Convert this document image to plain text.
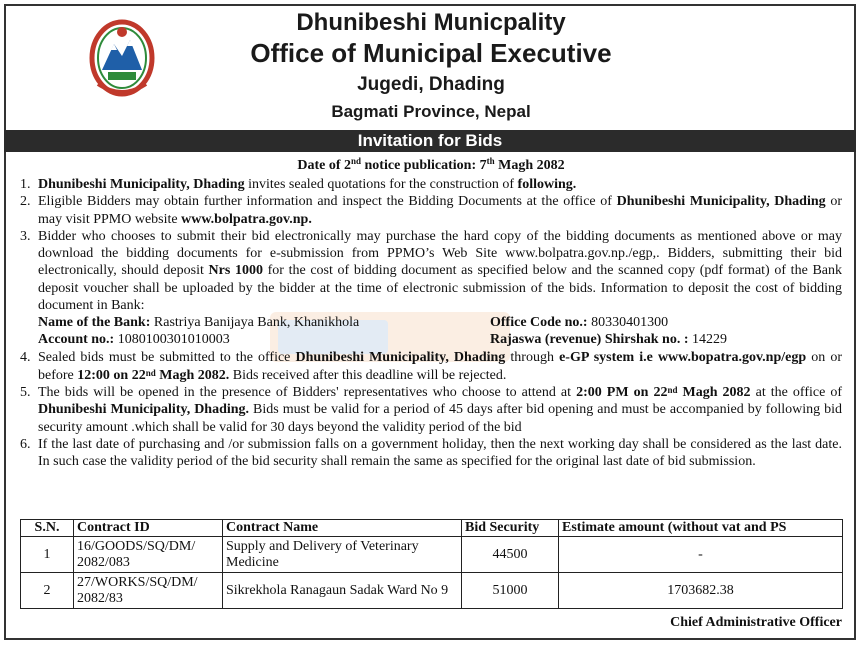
Dhunibeshi Municpality
Office of Municipal Executive
Jugedi, Dhading
Bagmati Province, Nepal
Invitation for Bids
Date of 2nd notice publication: 7th Magh 2082
1. Dhunibeshi Municipality, Dhading invites sealed quotations for the construction of following.
2. Eligible Bidders may obtain further information and inspect the Bidding Documents at the office of Dhunibeshi Municipality, Dhading or may visit PPMO website www.bolpatra.gov.np.
3. Bidder who chooses to submit their bid electronically may purchase the hard copy of the bidding documents as mentioned above or may download the bidding documents for e-submission from PPMO’s Web Site www.bolpatra.gov.np./egp,. Bidders, submitting their bid electronically, should deposit Nrs 1000 for the cost of bidding document as specified below and the scanned copy (pdf format) of the Bank deposit voucher shall be uploaded by the bidder at the time of electronic submission of the bids. Information to deposit the cost of bidding document in Bank:
Name of the Bank: Rastriya Banijaya Bank, Khanikhola	Office Code no.: 80330401300
Account no.: 1080100301010003	Rajaswa (revenue) Shirshak no. : 14229
4. Sealed bids must be submitted to the office Dhunibeshi Municipality, Dhading through e-GP system i.e www.bopatra.gov.np/egp on or before 12:00 on 22nd Magh 2082. Bids received after this deadline will be rejected.
5. The bids will be opened in the presence of Bidders' representatives who choose to attend at 2:00 PM on 22nd Magh 2082 at the office of Dhunibeshi Municipality, Dhading. Bids must be valid for a period of 45 days after bid opening and must be accompanied by following bid security amount .which shall be valid for 30 days beyond the validity period of the bid
6. If the last date of purchasing and /or submission falls on a government holiday, then the next working day shall be considered as the last date. In such case the validity period of the bid security shall remain the same as specified for the original last date of bid submission.
S.N.	Contract ID	Contract Name	Bid Security	Estimate amount (without vat and PS
1	16/GOODS/SQ/DM/ 2082/083	Supply and Delivery of Veterinary Medicine	44500	-
2	27/WORKS/SQ/DM/ 2082/83	Sikrekhola Ranagaun Sadak Ward No 9	51000	1703682.38
Chief Administrative Officer
